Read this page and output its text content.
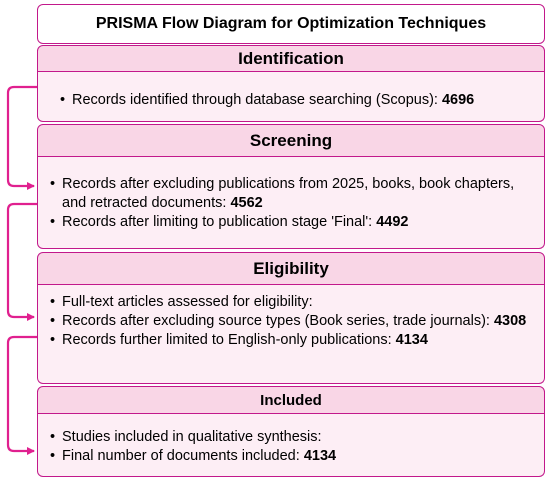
PRISMA Flow Diagram for Optimization Techniques
Identification
• Records identified through database searching (Scopus): 4696
Screening
• Records after excluding publications from 2025, books, book chapters, and retracted documents: 4562
• Records after limiting to publication stage 'Final': 4492
Eligibility
• Full-text articles assessed for eligibility:
• Records after excluding source types (Book series, trade journals): 4308
• Records further limited to English-only publications: 4134
Included
• Studies included in qualitative synthesis:
• Final number of documents included: 4134
